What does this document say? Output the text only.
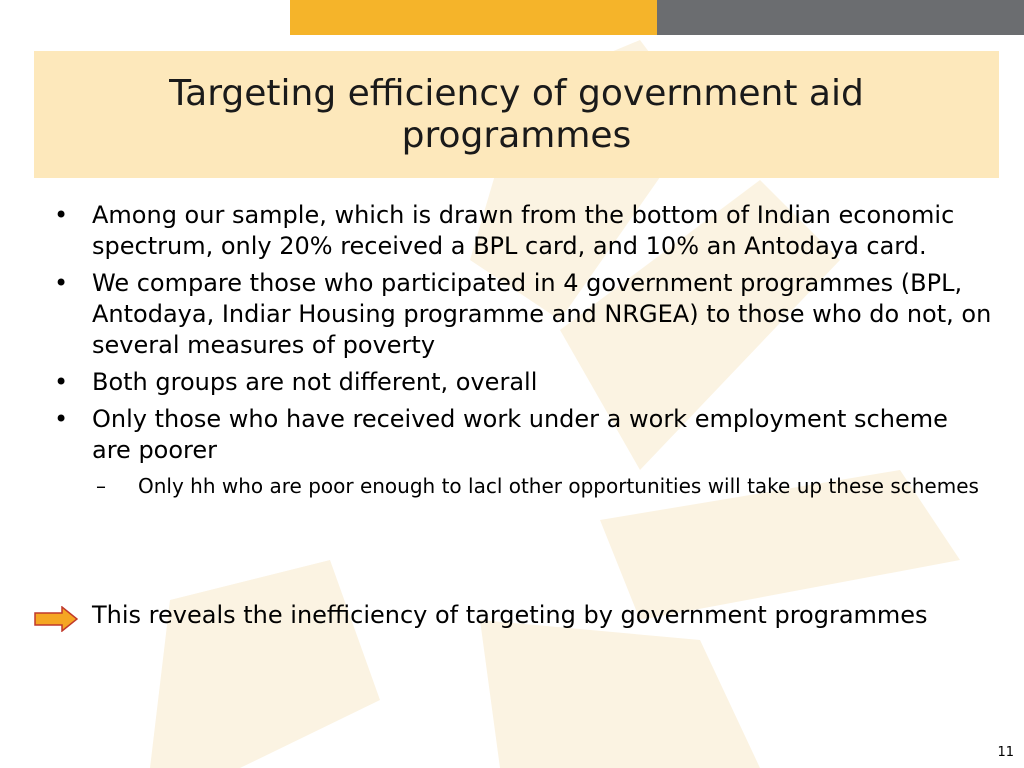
Targeting efficiency of government aid programmes
• Among our sample, which is drawn from the bottom of Indian economic spectrum, only 20% received a BPL card, and 10% an Antodaya card.
• We compare those who participated in 4 government programmes (BPL, Antodaya, Indiar Housing programme and NRGEA) to those who do not, on several measures of poverty
• Both groups are not different, overall
• Only those who have received work under a work employment scheme are poorer
–	Only hh who are poor enough to lacl other opportunities will take up these schemes
This reveals the inefficiency of targeting by government programmes
11
